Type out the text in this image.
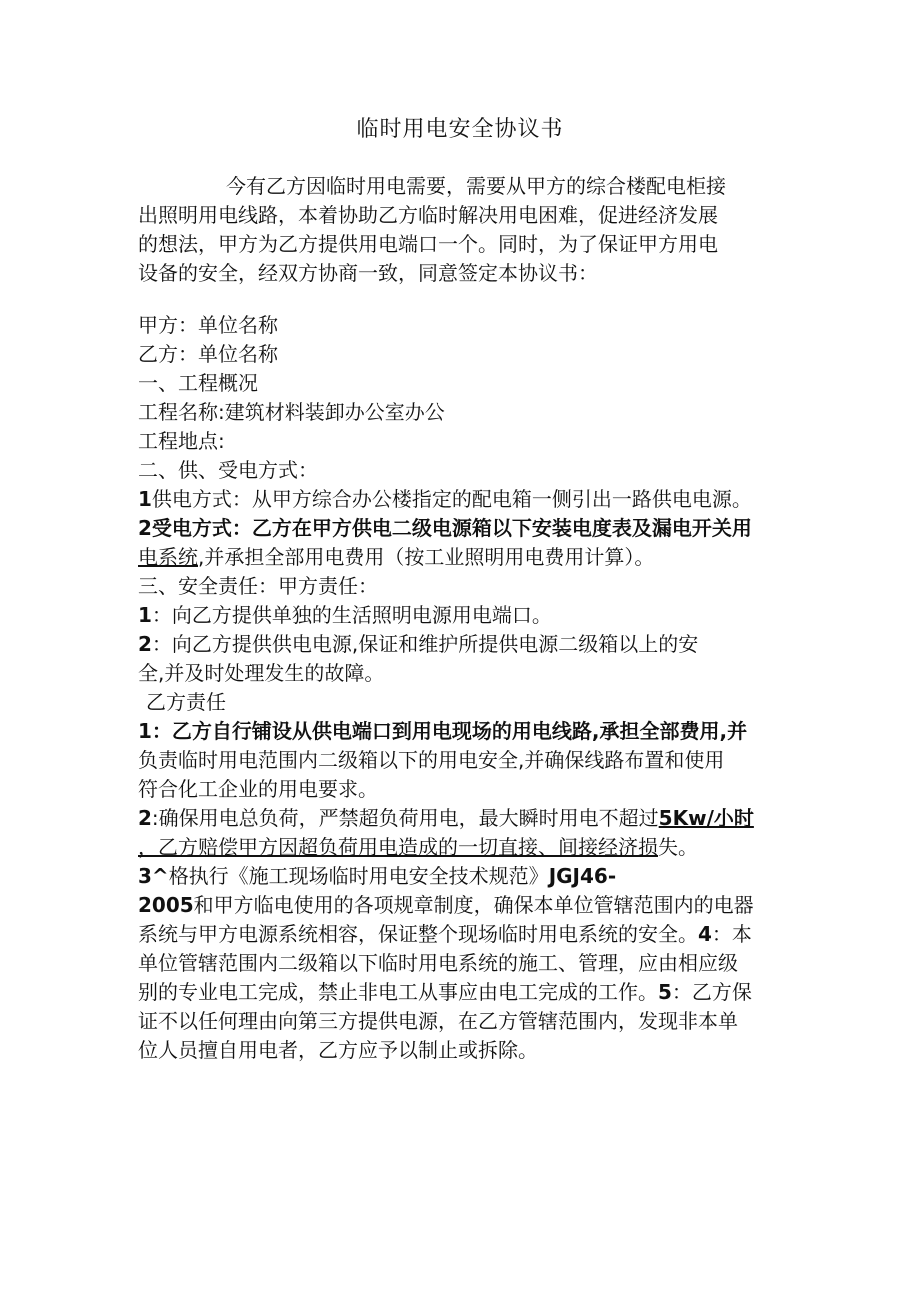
临时用电安全协议书
今有乙方因临时用电需要，需要从甲方的综合楼配电柜接
出照明用电线路，本着协助乙方临时解决用电困难，促进经济发展
的想法，甲方为乙方提供用电端口一个。同时，为了保证甲方用电
设备的安全，经双方协商一致，同意签定本协议书：
甲方：单位名称
乙方：单位名称
一、工程概况
工程名称:建筑材料装卸办公室办公
工程地点:
二、供、受电方式：
1供电方式：从甲方综合办公楼指定的配电箱一侧引出一路供电电源。
2受电方式：乙方在甲方供电二级电源箱以下安装电度表及漏电开关用
电系统,并承担全部用电费用（按工业照明用电费用计算）。
三、安全责任：甲方责任：
1：向乙方提供单独的生活照明电源用电端口。
2：向乙方提供供电电源,保证和维护所提供电源二级箱以上的安
全,并及时处理发生的故障。
乙方责任
1：乙方自行铺设从供电端口到用电现场的用电线路,承担全部费用,并
负责临时用电范围内二级箱以下的用电安全,并确保线路布置和使用
符合化工企业的用电要求。
2:确保用电总负荷，严禁超负荷用电，最大瞬时用电不超过5Kw/小时
，乙方赔偿甲方因超负荷用电造成的一切直接、间接经济损失。
3^格执行《施工现场临时用电安全技术规范》JGJ46-
2005和甲方临电使用的各项规章制度，确保本单位管辖范围内的电器
系统与甲方电源系统相容，保证整个现场临时用电系统的安全。4：本
单位管辖范围内二级箱以下临时用电系统的施工、管理，应由相应级
别的专业电工完成，禁止非电工从事应由电工完成的工作。5：乙方保
证不以任何理由向第三方提供电源，在乙方管辖范围内，发现非本单
位人员擅自用电者，乙方应予以制止或拆除。
